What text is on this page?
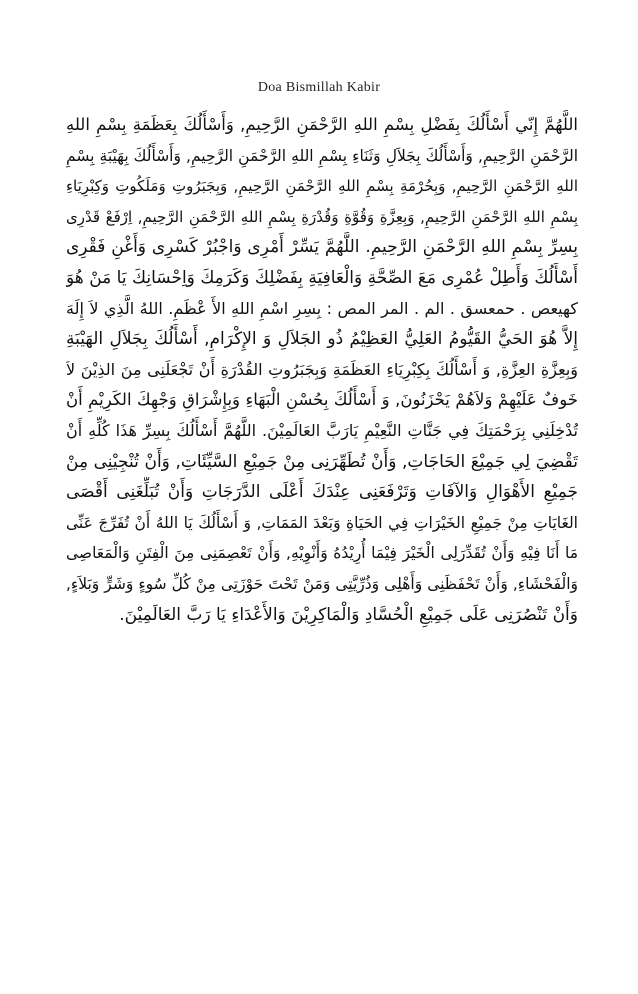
Doa Bismillah Kabir
اللَّهُمَّ إِنّي أَسْأَلُكَ بِفَضْلِ بِسْمِ اللهِ الرَّحْمَنِ الرَّحِيمِ, وَأَسْأَلُكَ بِعَظَمَةِ بِسْمِ اللهِ
الرَّحْمَنِ الرَّحِيمِ, وَأَسْأَلُكَ بِجَلاَلِ وَثَنَاءِ بِسْمِ اللهِ الرَّحْمَنِ الرَّحِيمِ, وَأَسْأَلُكَ بِهَيْبَةِ بِسْمِ
اللهِ الرَّحْمَنِ الرَّحِيمِ, وَبِحُرْمَةِ بِسْمِ اللهِ الرَّحْمَنِ الرَّحِيمِ, وَبِجَبَرُوتِ وَمَلَكُوتِ وَكِبْرِيَاءِ
بِسْمِ اللهِ الرَّحْمَنِ الرَّحِيمِ, وَبِعِزَّةِ وَقُوَّةِ وَقُدْرَةِ بِسْمِ اللهِ الرَّحْمَنِ الرَّحِيمِ, اِرْفَعْ قَدْرِى
بِسِرِّ بِسْمِ اللهِ الرَّحْمَنِ الرَّحِيمِ. اللَّهُمَّ يَسِّرْ أَمْرِى وَاجْبُرْ كَسْرِى وَأَغْنِ فَقْرِى
أَسْأَلُكَ وَأَطِلْ عُمْرِى مَعَ الصِّحَّةِ وَالْعَافِيَةِ بِفَضْلِكَ وَكَرَمِكَ وَاِحْسَانِكَ يَا مَنْ هُوَ
كهيعص . حمعسق . الم . المر المص : بِسِرِ اسْمِ اللهِ الأَ عْظَمِ. اللهُ الَّذِي لاَ إِلَهَ
إِلاَّ هُوَ الحَيُّ القَيُّومُ العَلِيُّ العَظِيْمُ ذُو الجَلاَلِ وَ الإِكْرَامِ, أَسْأَلُكَ بِجَلاَلِ الهَيْبَةِ
وَبِعِزَّةِ العِزَّةِ, وَ أَسْأَلُكَ بِكِبْرِيَاءِ العَظَمَةِ وَبِجَبَرُوتِ القُدْرَةِ أَنْ تَجْعَلَنِى مِنَ الذِيْنَ لاَ
خَوفٌ عَلَيْهِمْ وَلاَهُمْ يَحْزَنُونَ, وَ أَسْأَلُكَ بِحُسْنِ الْبَهَاءِ وَبِإِشْرَاقِ وَجْهِكَ الكَرِيْمِ أَنْ
تُدْخِلَنِي بِرَحْمَتِكَ فِي جَنَّاتِ النَّعِيْمِ يَارَبَّ العَالَمِيْنَ. اللَّهُمَّ أَسْأَلُكَ بِسِرِّ هَذَا كُلِّهِ أَنْ
تَقْضِيَ لِي جَمِيْعَ الحَاجَاتِ, وَأَنْ تُطَهِّرَنِى مِنْ جَمِيْعِ السَّيِّئَاتِ, وَأَنْ تُنْجِيْنِى مِنْ
جَمِيْعِ الأَهْوَالِ وَالآفَاتِ وَتَرْفَعَنِى عِنْدَكَ أَعْلَى الدَّرَجَاتِ وَأَنْ تُبَلِّغَنِى أَقْصَى
الغَايَاتِ مِنْ جَمِيْعِ الخَيْرَاتِ فِي الحَيَاةِ وَبَعْدَ المَمَاتِ, وَ أَسْأَلُكَ يَا اللهُ أَنْ تُفَرِّجَ عَنِّى
مَا أَنَا فِيْهِ وَأَنْ تُقَدِّرَلِى الْخَيْرَ فِيْمَا أُرِيْدُهُ وَأَنْوِيْهِ, وَأَنْ تَعْصِمَنِى مِنَ الْفِتَنِ وَالْمَعَاصِى
وَالْفَحْشَاءِ, وَأَنْ تَحْفَظَنِى وَأَهْلِى وَذُرِّيَّتِى وَمَنْ تَحْتَ حَوْزَتِى مِنْ كُلِّ سُوءٍ وَشَرٍّ وَبَلاَءٍ,
وَأَنْ تَنْصُرَنِى عَلَى جَمِيْعِ الْحُسَّادِ وَالْمَاكِرِيْنَ وَالأَعْدَاءِ يَا رَبَّ العَالَمِيْنَ.
